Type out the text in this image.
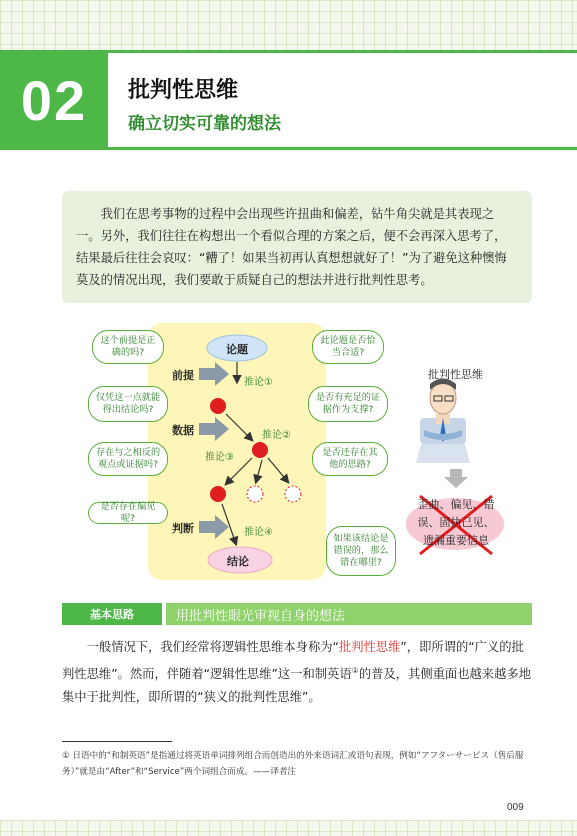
02	批判性思维
确立切实可靠的想法
我们在思考事物的过程中会出现些许扭曲和偏差，钻牛角尖就是其表现之一。另外，我们往往在构想出一个看似合理的方案之后，便不会再深入思考了，结果最后往往会哀叹：“糟了！如果当初再认真想想就好了！”为了避免这种懊悔莫及的情况出现，我们要敢于质疑自己的想法并进行批判性思考。
论题
结论
前提
数据
判断
推论①
推论②
推论③
推论④
这个前提是正确的吗?
仅凭这一点就能得出结论吗?
存在与之相反的观点或证据吗?
是否存在偏见呢?
此论题是否恰当合适?
是否有充足的证据作为支撑?
是否还存在其他的思路?
如果该结论是错误的，那么错在哪里?
批判性思维
歪曲、偏见、错误、固执己见、遗漏重要信息
基本思路	用批判性眼光审视自身的想法
一般情况下，我们经常将逻辑性思维本身称为“批判性思维”，即所谓的“广义的批判性思维”。然而，伴随着“逻辑性思维”这一和制英语①的普及，其侧重面也越来越多地集中于批判性，即所谓的“狭义的批判性思维”。
① 日语中的“和制英语”是指通过将英语单词排列组合而创造出的外来语词汇或语句表现，例如“アフターサービス（售后服务）”就是由“After”和“Service”两个词组合而成。——译者注
009
